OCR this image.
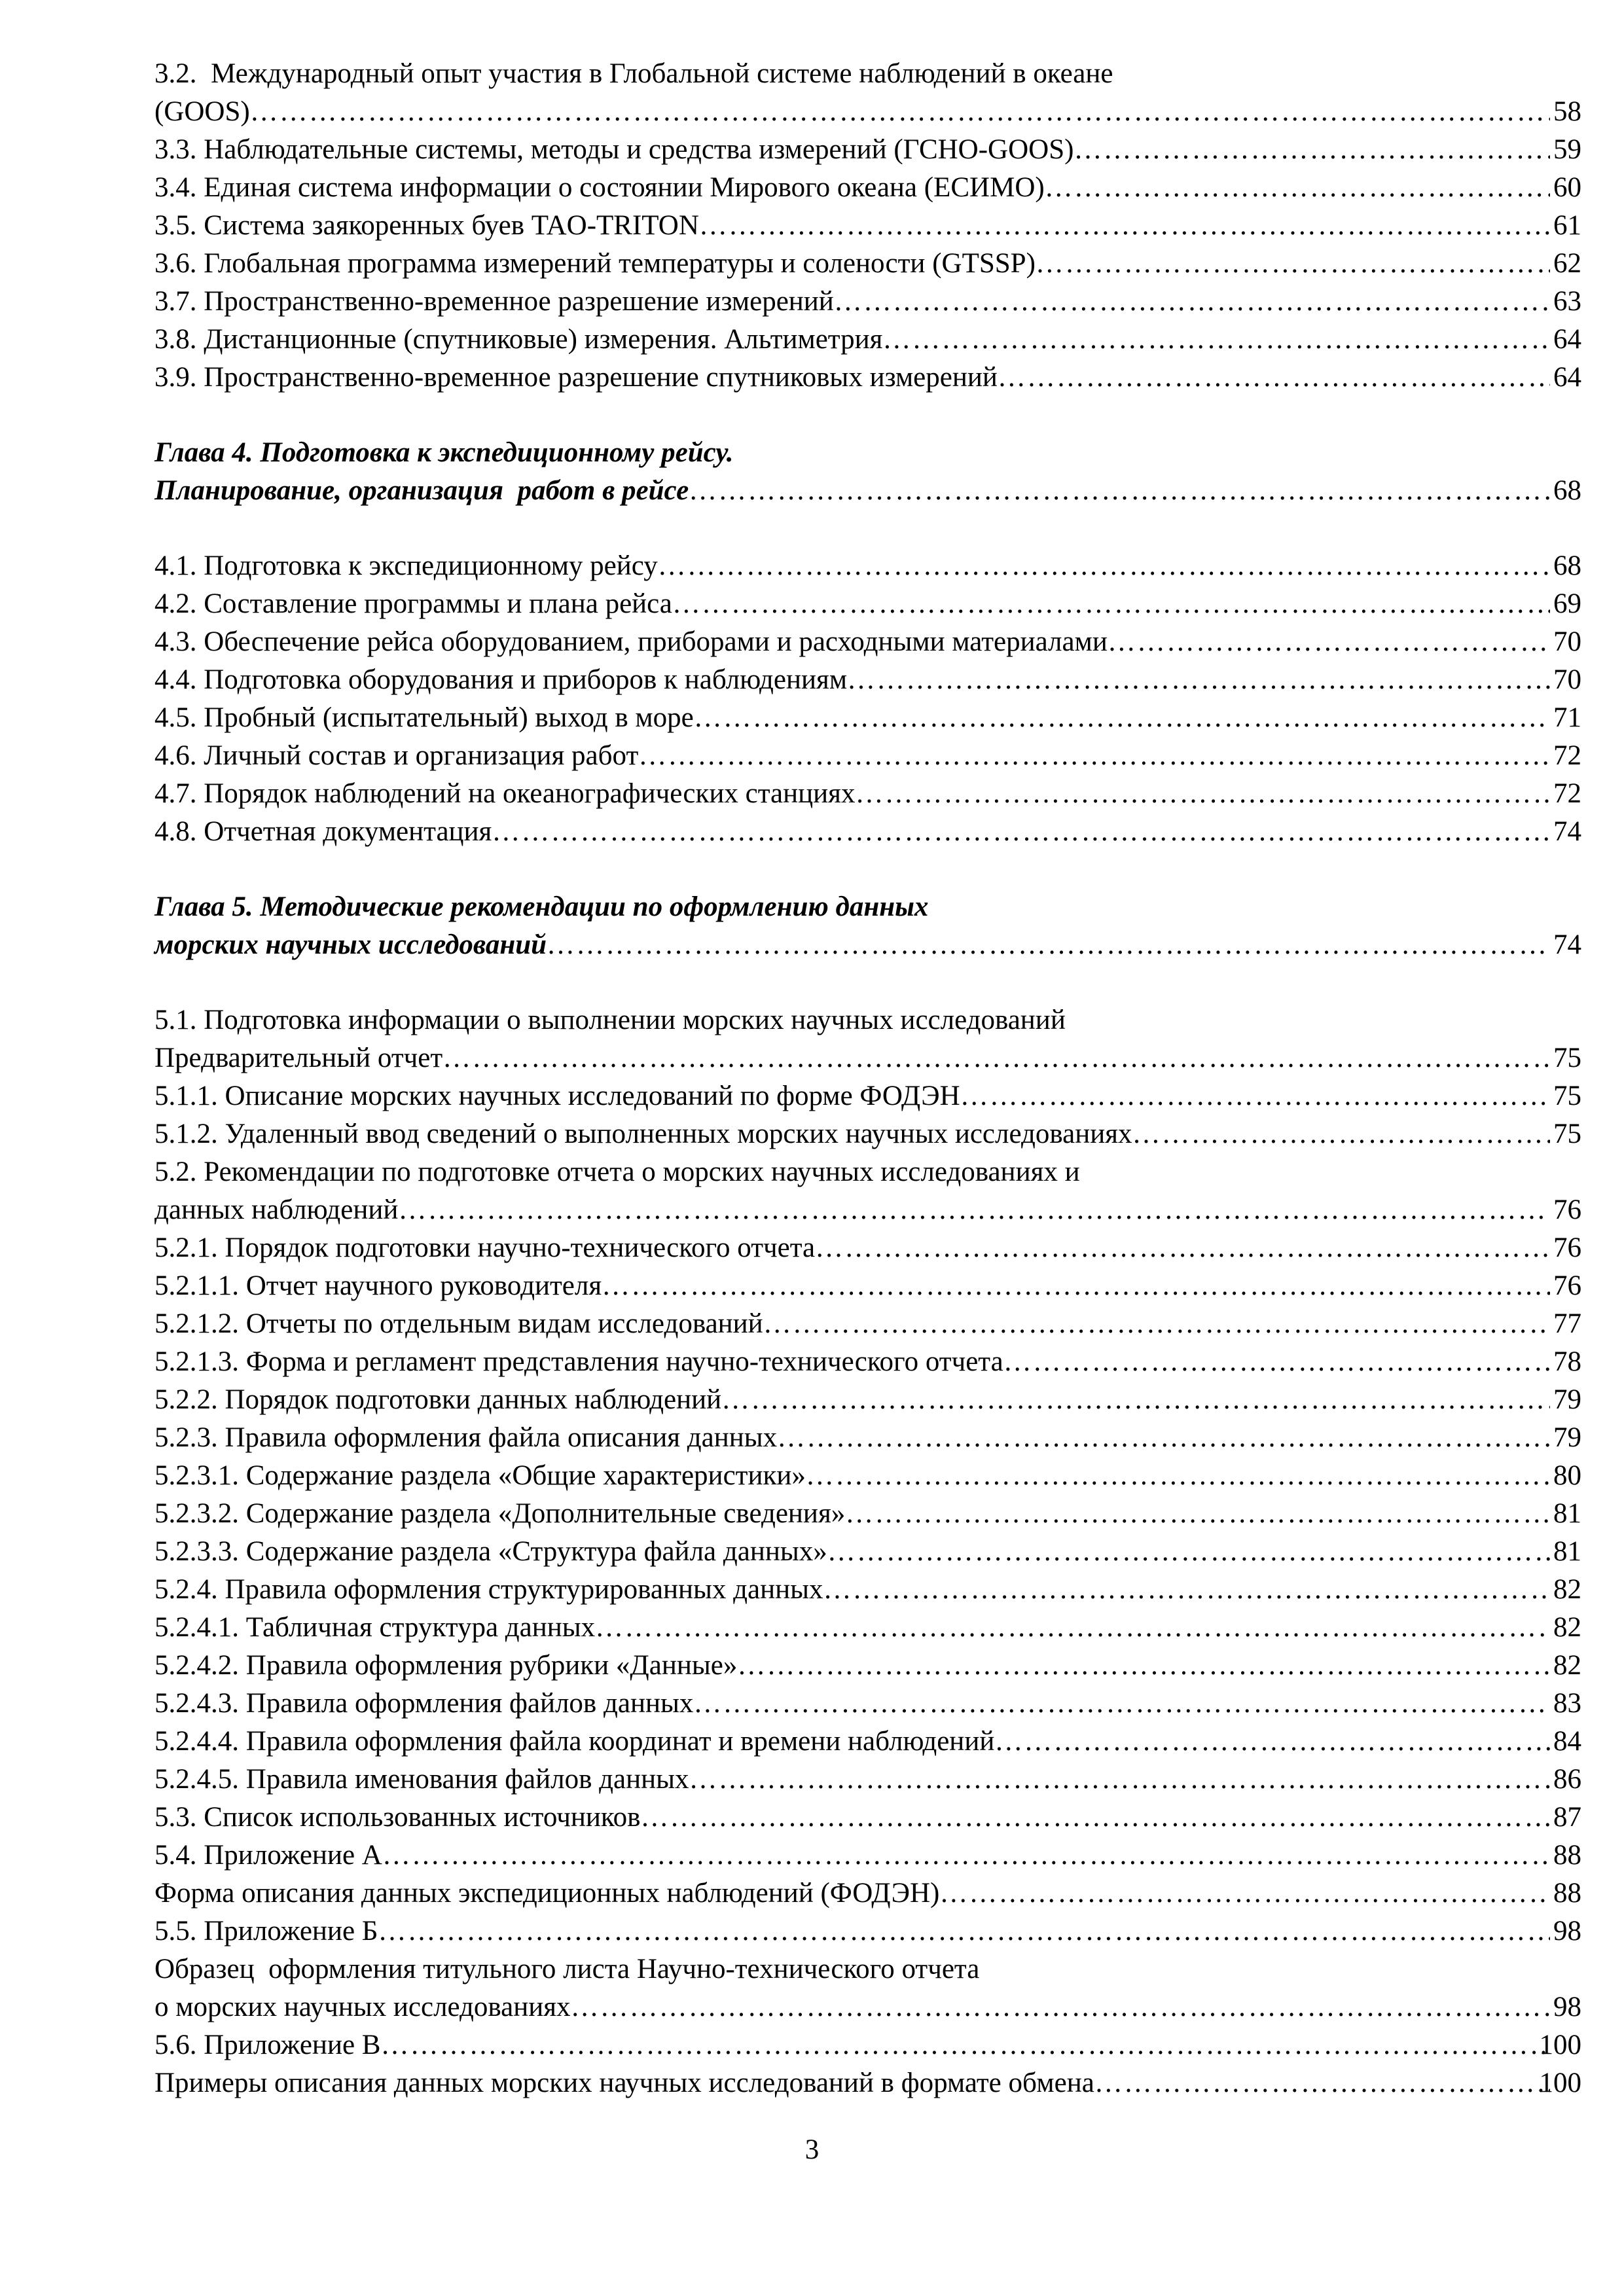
3.2.  Международный опыт участия в Глобальной системе наблюдений в океане
(GOOS) …………………………………………………………………………………………………………………………………………………………………………………………………………………………………………	58
3.3. Наблюдательные системы, методы и средства измерений (ГСНО-GOOS) …………………………………………………………………………………………………………………………………………………………………………………………………………………………………………	59
3.4. Единая система информации о состоянии Мирового океана (ЕСИМО) …………………………………………………………………………………………………………………………………………………………………………………………………………………………………………	60
3.5. Система заякоренных буев TAO-TRITON …………………………………………………………………………………………………………………………………………………………………………………………………………………………………………	61
3.6. Глобальная программа измерений температуры и солености (GTSSP) …………………………………………………………………………………………………………………………………………………………………………………………………………………………………………	62
3.7. Пространственно-временное разрешение измерений …………………………………………………………………………………………………………………………………………………………………………………………………………………………………………	63
3.8. Дистанционные (спутниковые) измерения. Альтиметрия …………………………………………………………………………………………………………………………………………………………………………………………………………………………………………	64
3.9. Пространственно-временное разрешение спутниковых измерений …………………………………………………………………………………………………………………………………………………………………………………………………………………………………………	64
Глава 4. Подготовка к экспедиционному рейсу.
Планирование, организация  работ в рейсе …………………………………………………………………………………………………………………………………………………………………………………………………………………………………………	68
4.1. Подготовка к экспедиционному рейсу …………………………………………………………………………………………………………………………………………………………………………………………………………………………………………	68
4.2. Составление программы и плана рейса …………………………………………………………………………………………………………………………………………………………………………………………………………………………………………	69
4.3. Обеспечение рейса оборудованием, приборами и расходными материалами …………………………………………………………………………………………………………………………………………………………………………………………………………………………………………	70
4.4. Подготовка оборудования и приборов к наблюдениям …………………………………………………………………………………………………………………………………………………………………………………………………………………………………………	70
4.5. Пробный (испытательный) выход в море …………………………………………………………………………………………………………………………………………………………………………………………………………………………………………	71
4.6. Личный состав и организация работ …………………………………………………………………………………………………………………………………………………………………………………………………………………………………………	72
4.7. Порядок наблюдений на океанографических станциях …………………………………………………………………………………………………………………………………………………………………………………………………………………………………………	72
4.8. Отчетная документация …………………………………………………………………………………………………………………………………………………………………………………………………………………………………………	74
Глава 5. Методические рекомендации по оформлению данных
морских научных исследований …………………………………………………………………………………………………………………………………………………………………………………………………………………………………………	74
5.1. Подготовка информации о выполнении морских научных исследований
Предварительный отчет …………………………………………………………………………………………………………………………………………………………………………………………………………………………………………	75
5.1.1. Описание морских научных исследований по форме ФОДЭН …………………………………………………………………………………………………………………………………………………………………………………………………………………………………………	75
5.1.2. Удаленный ввод сведений о выполненных морских научных исследованиях …………………………………………………………………………………………………………………………………………………………………………………………………………………………………………	75
5.2. Рекомендации по подготовке отчета о морских научных исследованиях и
данных наблюдений …………………………………………………………………………………………………………………………………………………………………………………………………………………………………………	76
5.2.1. Порядок подготовки научно-технического отчета …………………………………………………………………………………………………………………………………………………………………………………………………………………………………………	76
5.2.1.1. Отчет научного руководителя …………………………………………………………………………………………………………………………………………………………………………………………………………………………………………	76
5.2.1.2. Отчеты по отдельным видам исследований …………………………………………………………………………………………………………………………………………………………………………………………………………………………………………	77
5.2.1.3. Форма и регламент представления научно-технического отчета …………………………………………………………………………………………………………………………………………………………………………………………………………………………………………	78
5.2.2. Порядок подготовки данных наблюдений …………………………………………………………………………………………………………………………………………………………………………………………………………………………………………	79
5.2.3. Правила оформления файла описания данных …………………………………………………………………………………………………………………………………………………………………………………………………………………………………………	79
5.2.3.1. Содержание раздела «Общие характеристики» …………………………………………………………………………………………………………………………………………………………………………………………………………………………………………	80
5.2.3.2. Содержание раздела «Дополнительные сведения» …………………………………………………………………………………………………………………………………………………………………………………………………………………………………………	81
5.2.3.3. Содержание раздела «Структура файла данных» …………………………………………………………………………………………………………………………………………………………………………………………………………………………………………	81
5.2.4. Правила оформления структурированных данных …………………………………………………………………………………………………………………………………………………………………………………………………………………………………………	82
5.2.4.1. Табличная структура данных …………………………………………………………………………………………………………………………………………………………………………………………………………………………………………	82
5.2.4.2. Правила оформления рубрики «Данные» …………………………………………………………………………………………………………………………………………………………………………………………………………………………………………	82
5.2.4.3. Правила оформления файлов данных …………………………………………………………………………………………………………………………………………………………………………………………………………………………………………	83
5.2.4.4. Правила оформления файла координат и времени наблюдений …………………………………………………………………………………………………………………………………………………………………………………………………………………………………………	84
5.2.4.5. Правила именования файлов данных …………………………………………………………………………………………………………………………………………………………………………………………………………………………………………	86
5.3. Список использованных источников …………………………………………………………………………………………………………………………………………………………………………………………………………………………………………	87
5.4. Приложение А …………………………………………………………………………………………………………………………………………………………………………………………………………………………………………	88
Форма описания данных экспедиционных наблюдений (ФОДЭН) …………………………………………………………………………………………………………………………………………………………………………………………………………………………………………	88
5.5. Приложение Б …………………………………………………………………………………………………………………………………………………………………………………………………………………………………………	98
Образец  оформления титульного листа Научно-технического отчета
о морских научных исследованиях …………………………………………………………………………………………………………………………………………………………………………………………………………………………………………	98
5.6. Приложение В …………………………………………………………………………………………………………………………………………………………………………………………………………………………………………	100
Примеры описания данных морских научных исследований в формате обмена …………………………………………………………………………………………………………………………………………………………………………………………………………………………………………	100
3
